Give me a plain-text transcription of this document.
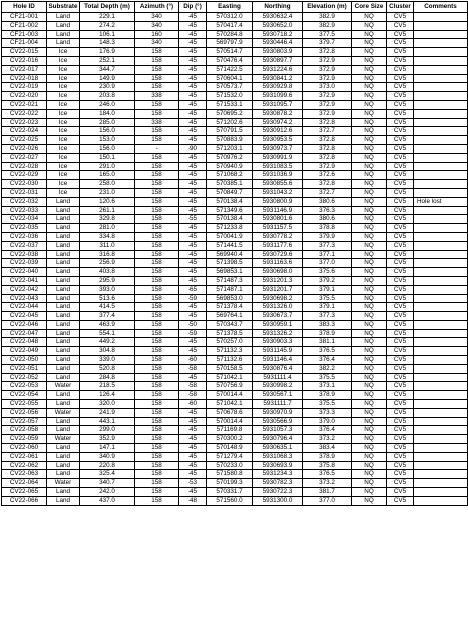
Hole ID	Substrate	Total Depth (m)	Azimuth (°)	Dip (°)	Easting	Northing	Elevation (m)	Core Size	Cluster	Comments
CF21-001	Land	229.1	340	-45	570312.0	5930632.4	382.9	NQ	CV5	
CF21-002	Land	274.2	340	-45	570417.4	5930652.0	382.9	NQ	CV5	
CF21-003	Land	106.1	160	-45	570284.8	5930718.2	377.5	NQ	CV5	
CF21-004	Land	148.3	340	-45	569797.9	5930446.4	379.7	NQ	CV5	
CV22-015	Ice	176.9	158	-45	570514.7	5930803.9	372.8	NQ	CV5	
CV22-016	Ice	252.1	158	-45	570476.4	5930897.7	372.9	NQ	CV5	
CV22-017	Ice	344.7	158	-45	571422.5	5931224.6	372.9	NQ	CV5	
CV22-018	Ice	149.9	158	-45	570604.1	5930841.2	372.9	NQ	CV5	
CV22-019	Ice	230.9	158	-45	570573.7	5930929.8	373.0	NQ	CV5	
CV22-020	Ice	203.8	338	-45	571532.0	5931099.6	372.9	NQ	CV5	
CV22-021	Ice	246.0	158	-45	571533.1	5931095.7	372.9	NQ	CV5	
CV22-022	Ice	184.0	158	-45	570695.2	5930878.2	372.9	NQ	CV5	
CV22-023	Ice	285.0	338	-45	571202.6	5930974.2	372.8	NQ	CV5	
CV22-024	Ice	156.0	158	-45	570791.5	5930912.6	372.7	NQ	CV5	
CV22-025	Ice	153.0	158	-45	570883.9	5930953.5	372.8	NQ	CV5	
CV22-026	Ice	156.0	-	-90	571203.1	5930973.7	372.8	NQ	CV5	
CV22-027	Ice	150.1	158	-45	570976.2	5930991.9	372.8	NQ	CV5	
CV22-028	Ice	291.0	158	-45	570940.9	5931083.5	372.9	NQ	CV5	
CV22-029	Ice	165.0	158	-45	571068.2	5931036.9	372.6	NQ	CV5	
CV22-030	Ice	258.0	158	-45	570385.1	5930855.6	372.8	NQ	CV5	
CV22-031	Ice	231.0	158	-45	570849.7	5931043.2	372.7	NQ	CV5	
CV22-032	Land	120.6	158	-45	570138.4	5930800.9	380.6	NQ	CV5	Hole lost
CV22-033	Land	261.1	158	-45	571349.6	5931146.9	376.3	NQ	CV5	
CV22-034	Land	329.8	158	-55	570138.4	5930801.6	380.6	NQ	CV5	
CV22-035	Land	281.0	158	-45	571233.8	5931157.5	378.8	NQ	CV5	
CV22-036	Land	334.8	158	-45	570041.9	5930778.2	379.9	NQ	CV5	
CV22-037	Land	311.0	158	-45	571441.5	5931177.6	377.3	NQ	CV5	
CV22-038	Land	316.8	158	-45	569940.4	5930729.6	377.1	NQ	CV5	
CV22-039	Land	256.9	158	-45	571398.5	5931163.6	377.0	NQ	CV5	
CV22-040	Land	403.8	158	-45	569853.1	5930698.0	375.6	NQ	CV5	
CV22-041	Land	295.9	158	-45	571487.3	5931201.3	379.2	NQ	CV5	
CV22-042	Land	393.0	158	-65	571487.1	5931201.7	379.1	NQ	CV5	
CV22-043	Land	513.6	158	-59	569853.0	5930698.2	375.5	NQ	CV5	
CV22-044	Land	414.5	158	-45	571378.4	5931326.0	379.1	NQ	CV5	
CV22-045	Land	377.4	158	-45	569764.1	5930673.7	377.3	NQ	CV5	
CV22-046	Land	463.9	158	-50	570343.7	5930959.1	383.3	NQ	CV5	
CV22-047	Land	554.1	158	-59	571378.5	5931326.2	378.9	NQ	CV5	
CV22-048	Land	449.2	158	-45	570257.0	5930903.3	381.1	NQ	CV5	
CV22-049	Land	304.8	158	-45	571132.3	5931145.9	376.5	NQ	CV5	
CV22-050	Land	339.0	158	-60	571132.6	5931146.4	376.4	NQ	CV5	
CV22-051	Land	520.8	158	-58	570158.5	5930876.4	382.2	NQ	CV5	
CV22-052	Land	284.8	158	-45	571042.1	5931111.4	375.5	NQ	CV5	
CV22-053	Water	218.5	158	-58	570756.9	5930998.2	373.1	NQ	CV5	
CV22-054	Land	126.4	158	-58	570014.4	5930567.1	378.9	NQ	CV5	
CV22-055	Land	320.0	158	-60	571042.1	5931111.7	375.5	NQ	CV5	
CV22-056	Water	241.9	158	-45	570678.6	5930970.9	373.3	NQ	CV5	
CV22-057	Land	443.1	158	-45	570014.4	5930566.9	379.0	NQ	CV5	
CV22-058	Land	299.0	158	-45	571169.8	5931057.3	376.4	NQ	CV5	
CV22-059	Water	352.9	158	-45	570300.2	5930796.4	373.2	NQ	CV5	
CV22-060	Land	147.1	158	-45	570148.9	5930635.1	383.4	NQ	CV5	
CV22-061	Land	340.9	158	-45	571279.4	5931068.3	378.9	NQ	CV5	
CV22-062	Land	220.8	158	-45	570233.0	5930693.9	375.8	NQ	CV5	
CV22-063	Land	325.4	158	-45	571580.8	5931234.3	376.5	NQ	CV5	
CV22-064	Water	340.7	158	-53	570199.3	5930782.3	373.2	NQ	CV5	
CV22-065	Land	242.0	158	-45	570331.7	5930722.3	381.7	NQ	CV5	
CV22-066	Land	437.0	158	-48	571560.0	5931300.0	377.0	NQ	CV5	
